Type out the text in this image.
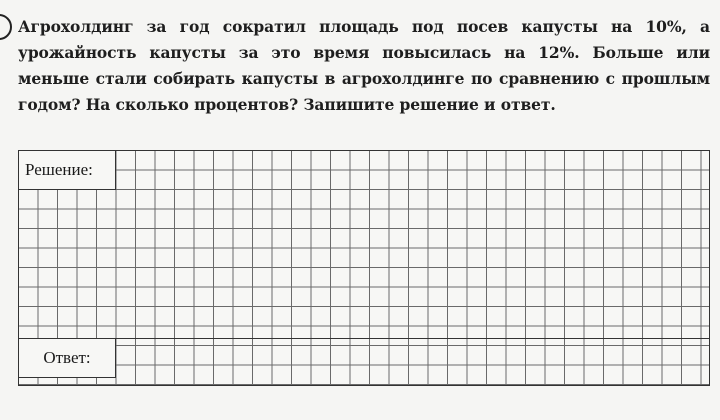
Агрохолдинг за год сократил площадь под посев капусты на 10%, а урожайность капусты за это время повысилась на 12%. Больше или меньше стали собирать капусты в агрохолдинге по сравнению с прошлым годом? На сколько процентов? Запишите решение и ответ.

Решение:
Ответ:
